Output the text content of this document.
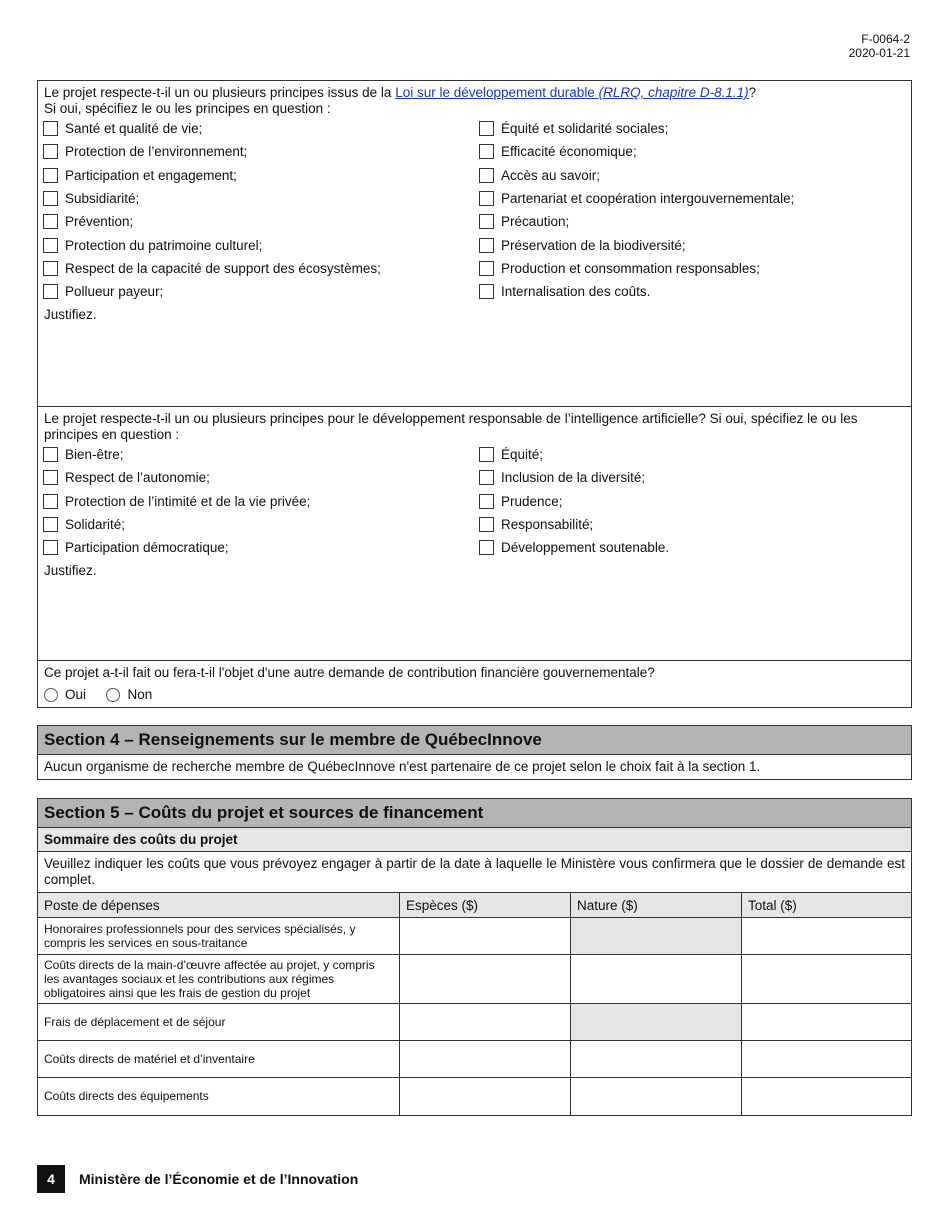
F-0064-2
2020-01-21
Le projet respecte-t-il un ou plusieurs principes issus de la Loi sur le développement durable (RLRQ, chapitre D-8.1.1)?
Si oui, spécifiez le ou les principes en question :
Santé et qualité de vie;	Équité et solidarité sociales;
Protection de l’environnement;	Efficacité économique;
Participation et engagement;	Accès au savoir;
Subsidiarité;	Partenariat et coopération intergouvernementale;
Prévention;	Précaution;
Protection du patrimoine culturel;	Préservation de la biodiversité;
Respect de la capacité de support des écosystèmes;	Production et consommation responsables;
Pollueur payeur;	Internalisation des coûts.
Justifiez.
Le projet respecte-t-il un ou plusieurs principes pour le développement responsable de l’intelligence artificielle? Si oui, spécifiez le ou les principes en question :
Bien-être;	Équité;
Respect de l’autonomie;	Inclusion de la diversité;
Protection de l’intimité et de la vie privée;	Prudence;
Solidarité;	Responsabilité;
Participation démocratique;	Développement soutenable.
Justifiez.
Ce projet a-t-il fait ou fera-t-il l'objet d'une autre demande de contribution financière gouvernementale?
Oui
	Non
Section 4 – Renseignements sur le membre de QuébecInnove
Aucun organisme de recherche membre de QuébecInnove n'est partenaire de ce projet selon le choix fait à la section 1.
Section 5 – Coûts du projet et sources de financement
Sommaire des coûts du projet
Veuillez indiquer les coûts que vous prévoyez engager à partir de la date à laquelle le Ministère vous confirmera que le dossier de demande est complet.
Poste de dépenses	Espèces ($)	Nature ($)	Total ($)
Honoraires professionnels pour des services spécialisés, y compris les services en sous-traitance			
Coûts directs de la main-d’œuvre affectée au projet, y compris les avantages sociaux et les contributions aux régimes obligatoires ainsi que les frais de gestion du projet			
Frais de déplacement et de séjour			
Coûts directs de matériel et d’inventaire			
Coûts directs des équipements			
4	Ministère de l’Économie et de l’Innovation
